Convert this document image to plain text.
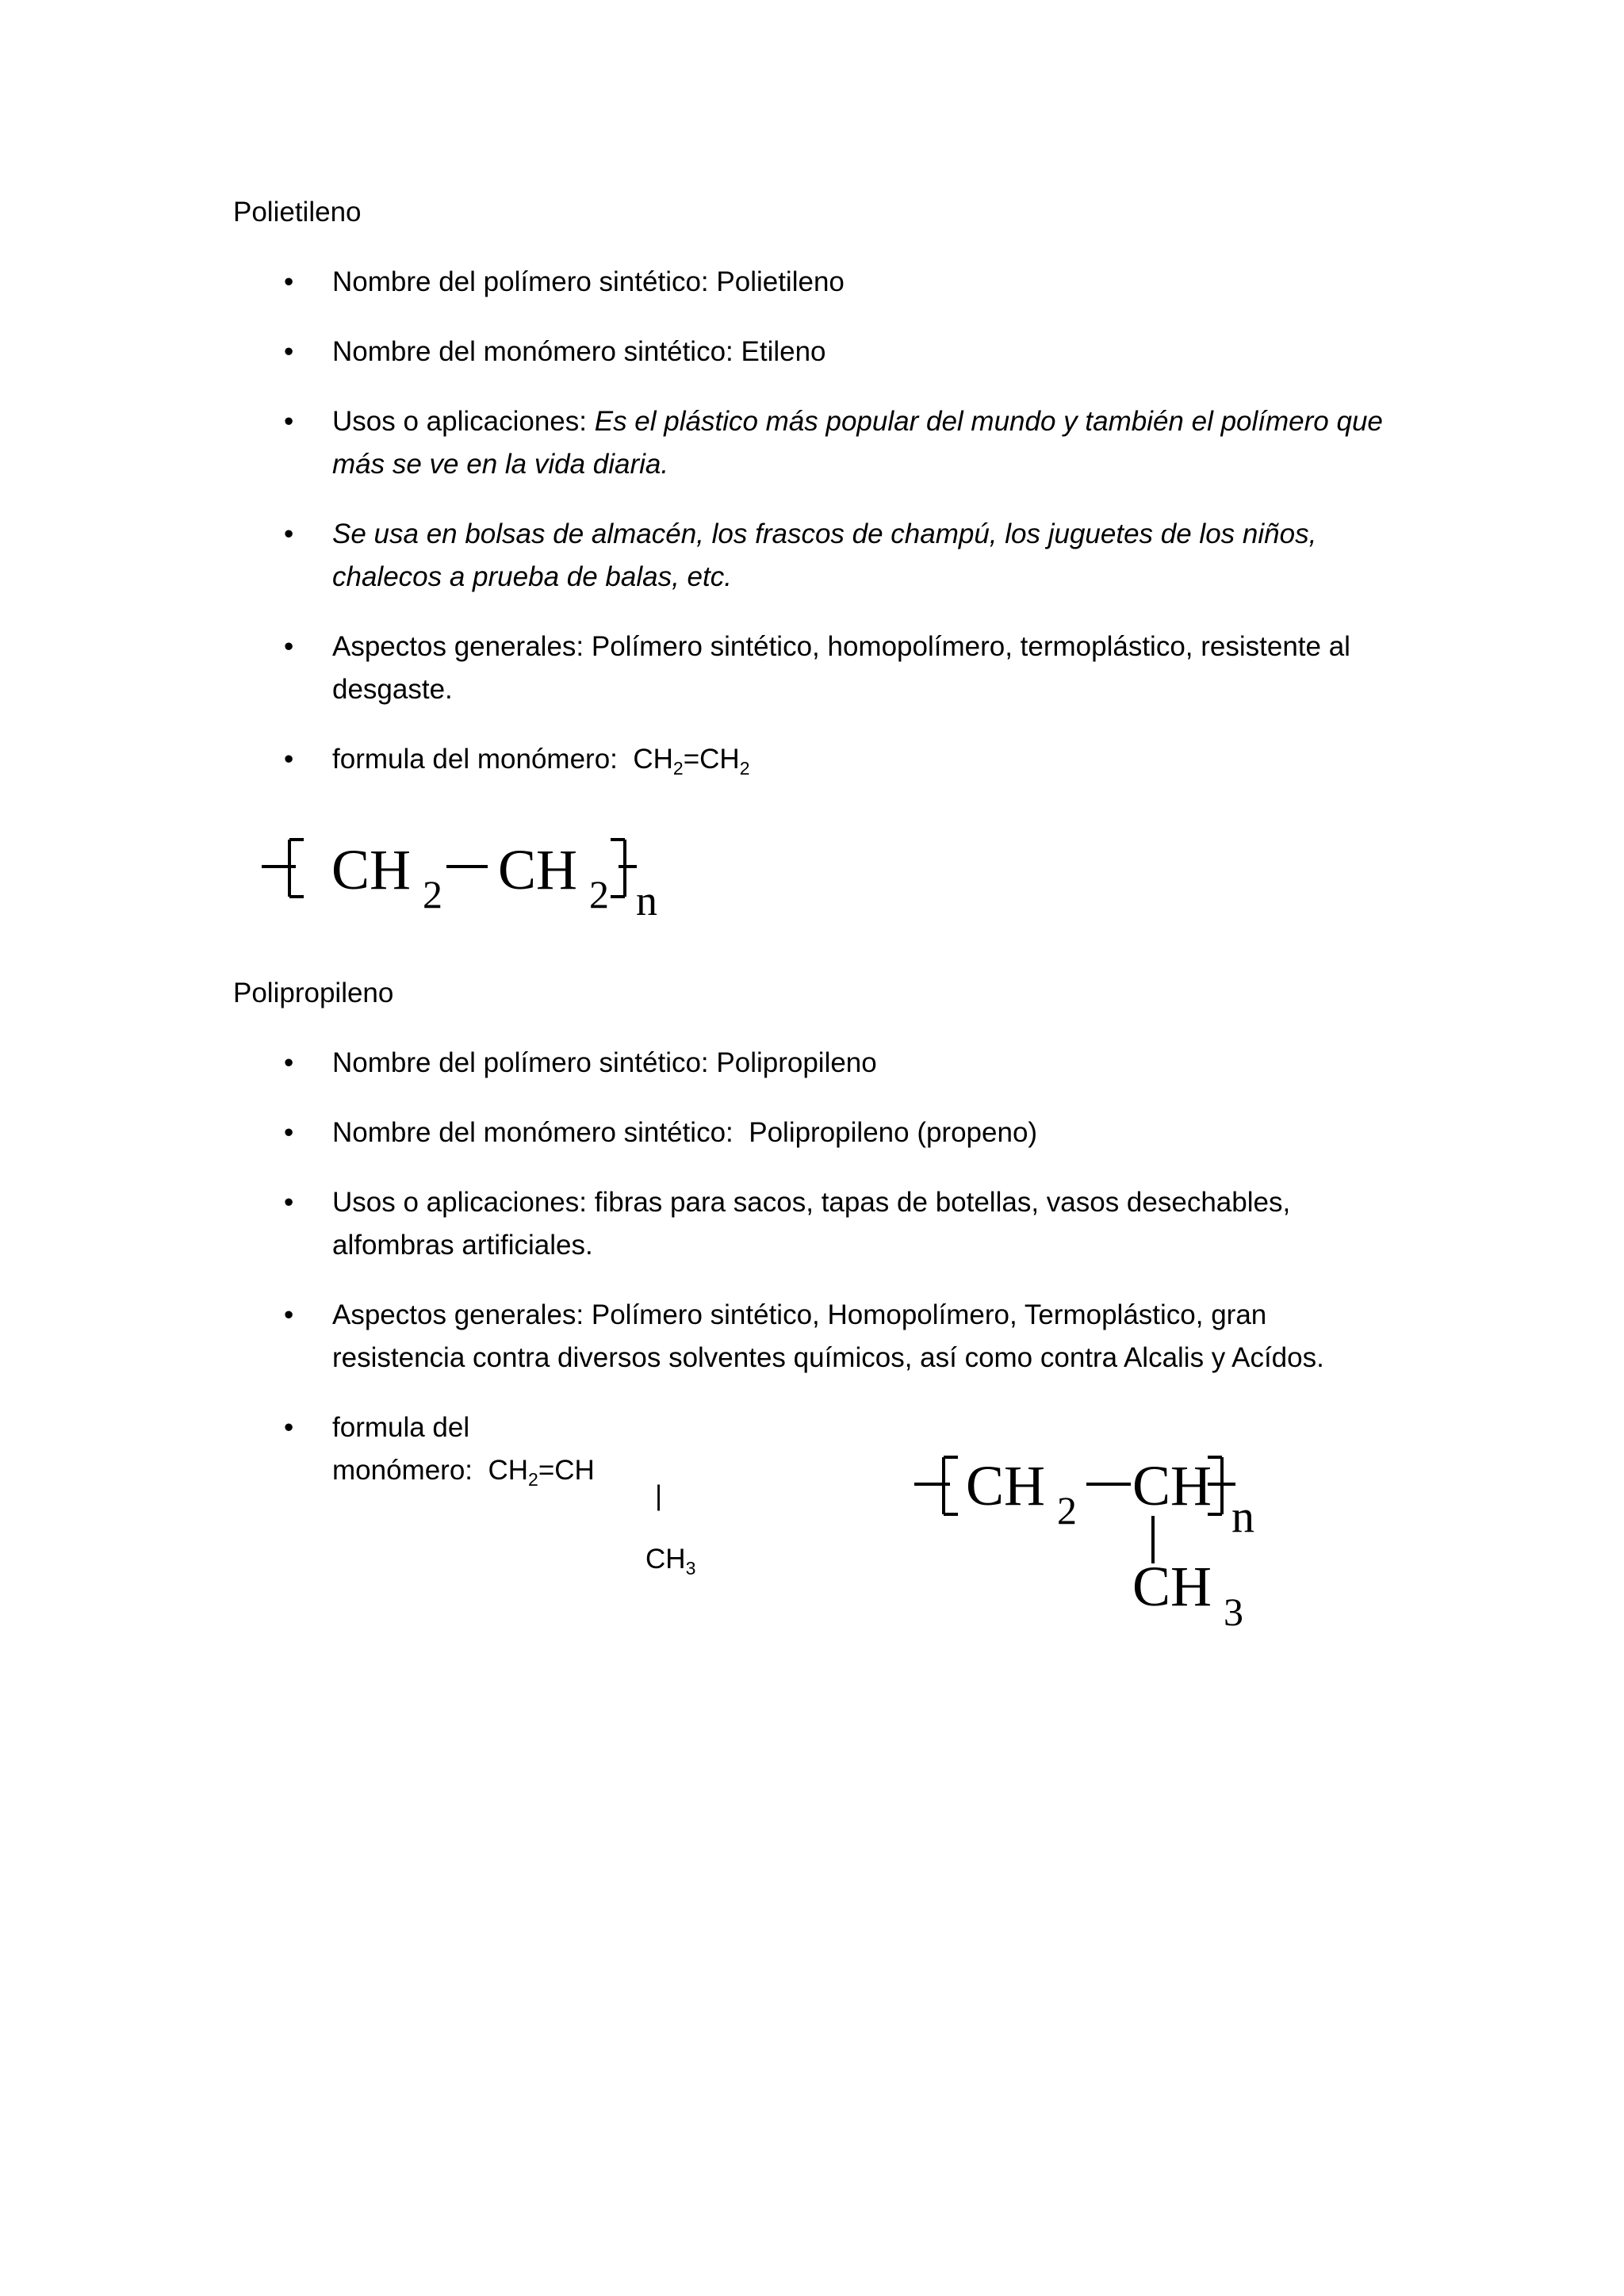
Polietileno
• Nombre del polímero sintético: Polietileno
• Nombre del monómero sintético: Etileno
• Usos o aplicaciones: Es el plástico más popular del mundo y también el polímero que más se ve en la vida diaria.
• Se usa en bolsas de almacén, los frascos de champú, los juguetes de los niños, chalecos a prueba de balas, etc.
• Aspectos generales: Polímero sintético, homopolímero, termoplástico, resistente al desgaste.
• formula del monómero: $CH_2=CH_2$
CH 2 CH 2 n
Polipropileno
• Nombre del polímero sintético: Polipropileno
• Nombre del monómero sintético:  Polipropileno (propeno)
• Usos o aplicaciones: fibras para sacos, tapas de botellas, vasos desechables, alfombras artificiales.
• Aspectos generales: Polímero sintético, Homopolímero, Termoplástico, gran resistencia contra diversos solventes químicos, así como contra Alcalis y Acídos.
• formula del monómero: $CH_2=CH$
|
$CH_3$
CH 2 CH n
CH 3
